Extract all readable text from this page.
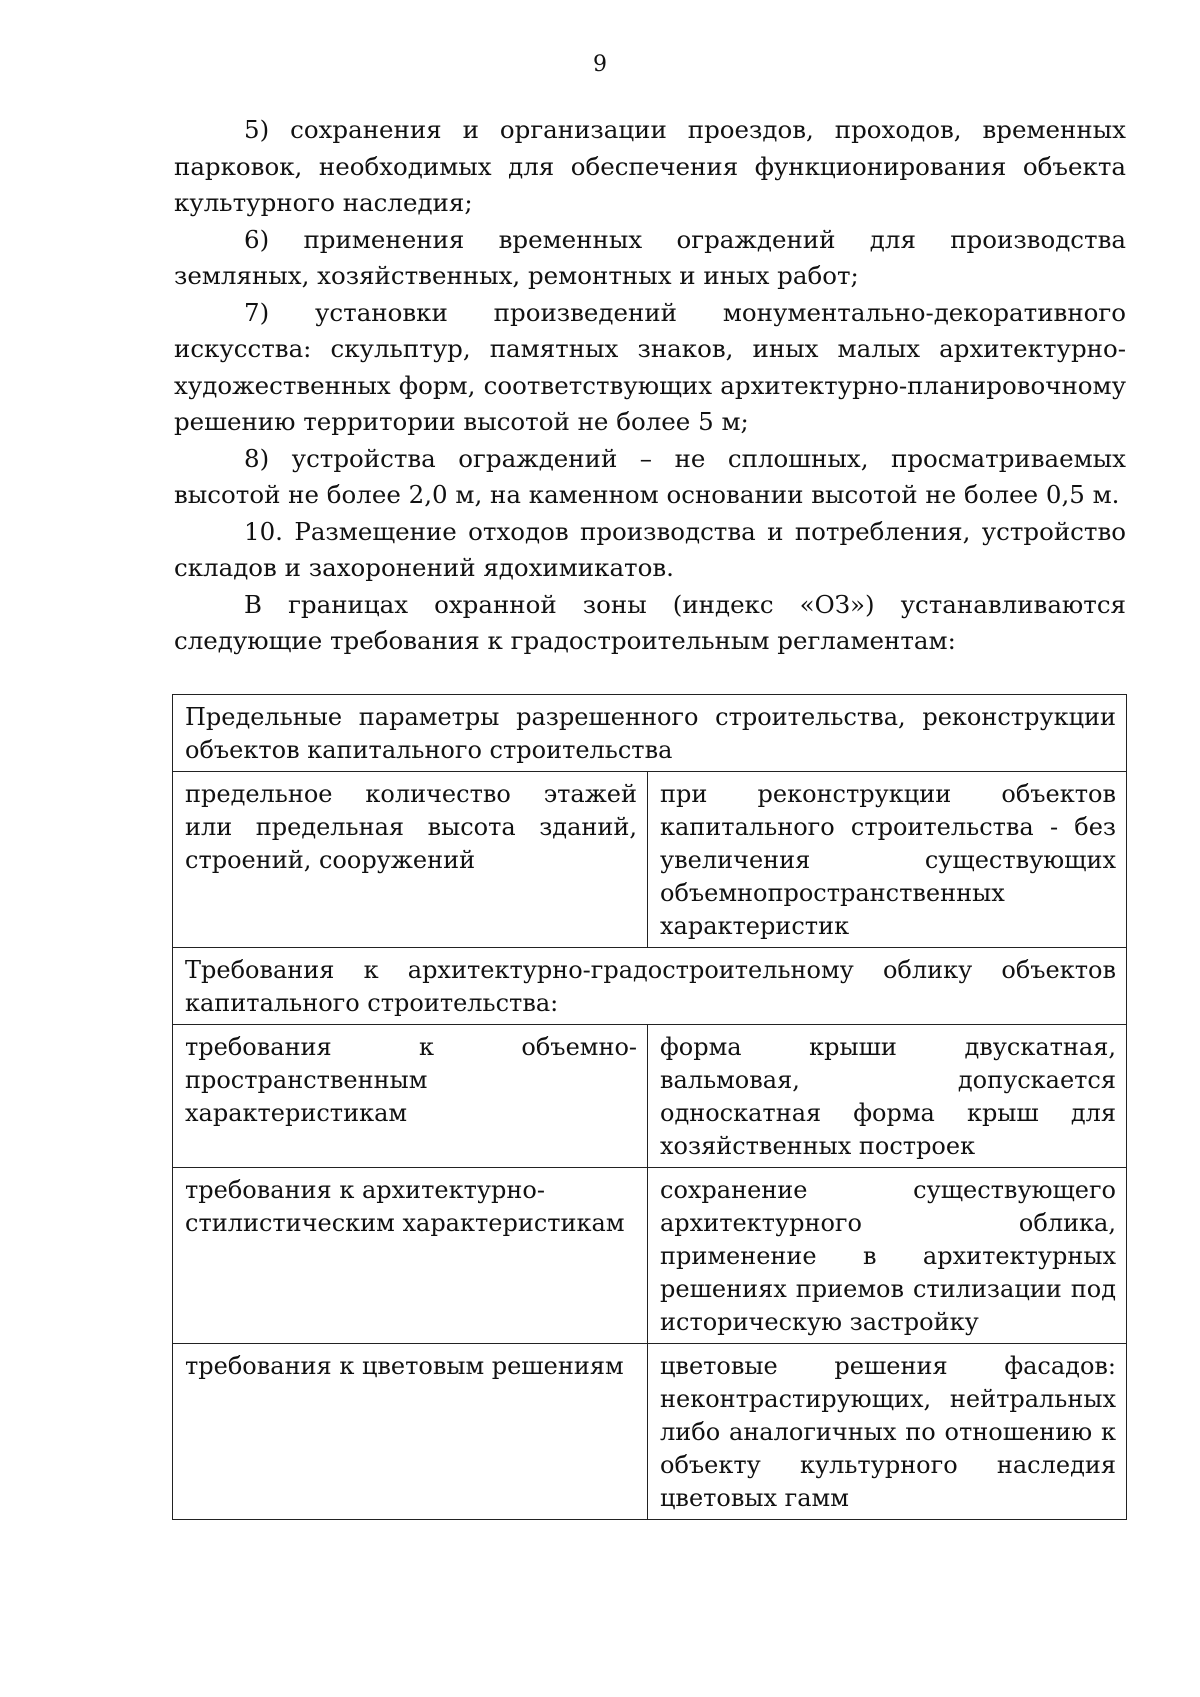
9

5) сохранения и организации проездов, проходов, временных парковок, необходимых для обеспечения функционирования объекта культурного наследия;

6) применения временных ограждений для производства земляных, хозяйственных, ремонтных и иных работ;

7) установки произведений монументально-декоративного искусства: скульптур, памятных знаков, иных малых архитектурно-художественных форм, соответствующих архитектурно-планировочному решению территории высотой не более 5 м;

8) устройства ограждений – не сплошных, просматриваемых высотой не более 2,0 м, на каменном основании высотой не более 0,5 м.

10. Размещение отходов производства и потребления, устройство складов и захоронений ядохимикатов.

В границах охранной зоны (индекс «ОЗ») устанавливаются следующие требования к градостроительным регламентам:

Предельные параметры разрешенного строительства, реконструкции объектов капитального строительства	
предельное количество этажей или предельная высота зданий, строений, сооружений	при реконструкции объектов капитального строительства - без увеличения существующих объемнопространственных характеристик
Требования к архитектурно-градостроительному облику объектов капитального строительства:	
требования к объемно-пространственным характеристикам	форма крыши двускатная, вальмовая, допускается односкатная форма крыш для хозяйственных построек
требования к архитектурно-стилистическим характеристикам	сохранение существующего архитектурного облика, применение в архитектурных решениях приемов стилизации под историческую застройку
требования к цветовым решениям	цветовые решения фасадов: неконтрастирующих, нейтральных либо аналогичных по отношению к объекту культурного наследия цветовых гамм
